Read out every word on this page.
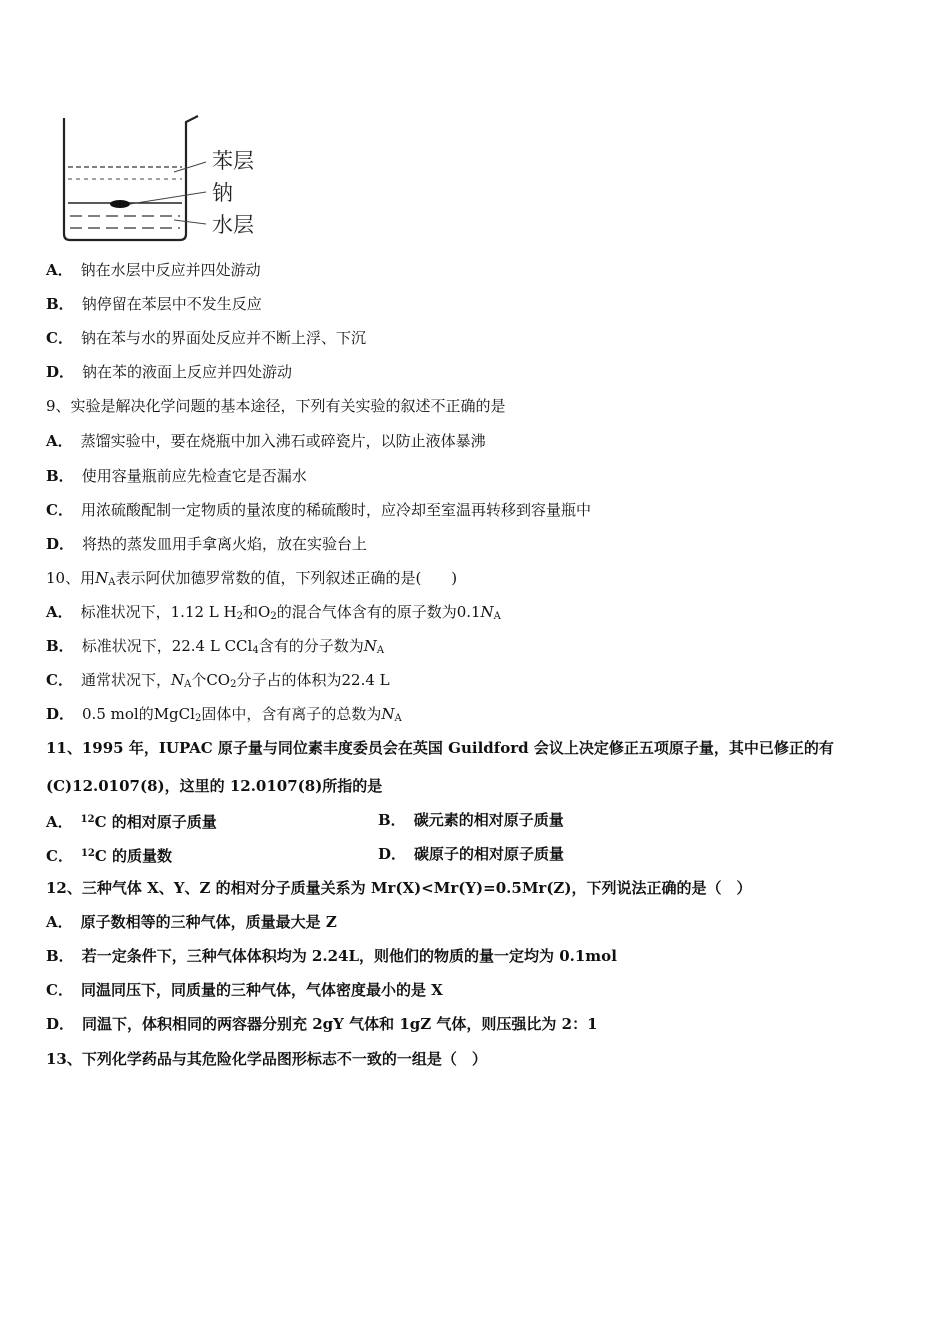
苯层
钠
水层
A． 钠在水层中反应并四处游动
B． 钠停留在苯层中不发生反应
C． 钠在苯与水的界面处反应并不断上浮、下沉
D． 钠在苯的液面上反应并四处游动
9、实验是解决化学问题的基本途径，下列有关实验的叙述不正确的是
A． 蒸馏实验中，要在烧瓶中加入沸石或碎瓷片，以防止液体暴沸
B． 使用容量瓶前应先检查它是否漏水
C． 用浓硫酸配制一定物质的量浓度的稀硫酸时，应冷却至室温再转移到容量瓶中
D． 将热的蒸发皿用手拿离火焰，放在实验台上
10、用$N_A$表示阿伏加德罗常数的值，下列叙述正确的是(　　)
A． 标准状况下，1.12 L $H_2$和$O_2$的混合气体含有的原子数为$0.1N_A$
B． 标准状况下，22.4 L CCl$_4$含有的分子数为$N_A$
C． 通常状况下，$N_A$个$CO_2$分子占的体积为22.4 L
D． 0.5 mol的MgCl$_2$固体中，含有离子的总数为$N_A$
11、1995 年，IUPAC 原子量与同位素丰度委员会在英国 Guildford 会议上决定修正五项原子量，其中已修正的有
(C)12.0107(8)，这里的 12.0107(8)所指的是
A． $^{12}$C 的相对原子质量	B． 碳元素的相对原子质量
C． $^{12}$C 的质量数	D． 碳原子的相对原子质量
12、三种气体 X、Y、Z 的相对分子质量关系为 Mr(X)<Mr(Y)=0.5Mr(Z)，下列说法正确的是（　）
A． 原子数相等的三种气体，质量最大是 Z
B． 若一定条件下，三种气体体积均为 2.24L，则他们的物质的量一定均为 0.1mol
C． 同温同压下，同质量的三种气体，气体密度最小的是 X
D． 同温下，体积相同的两容器分别充 2gY 气体和 1gZ 气体，则压强比为 2：1
13、下列化学药品与其危险化学品图形标志不一致的一组是（　）
